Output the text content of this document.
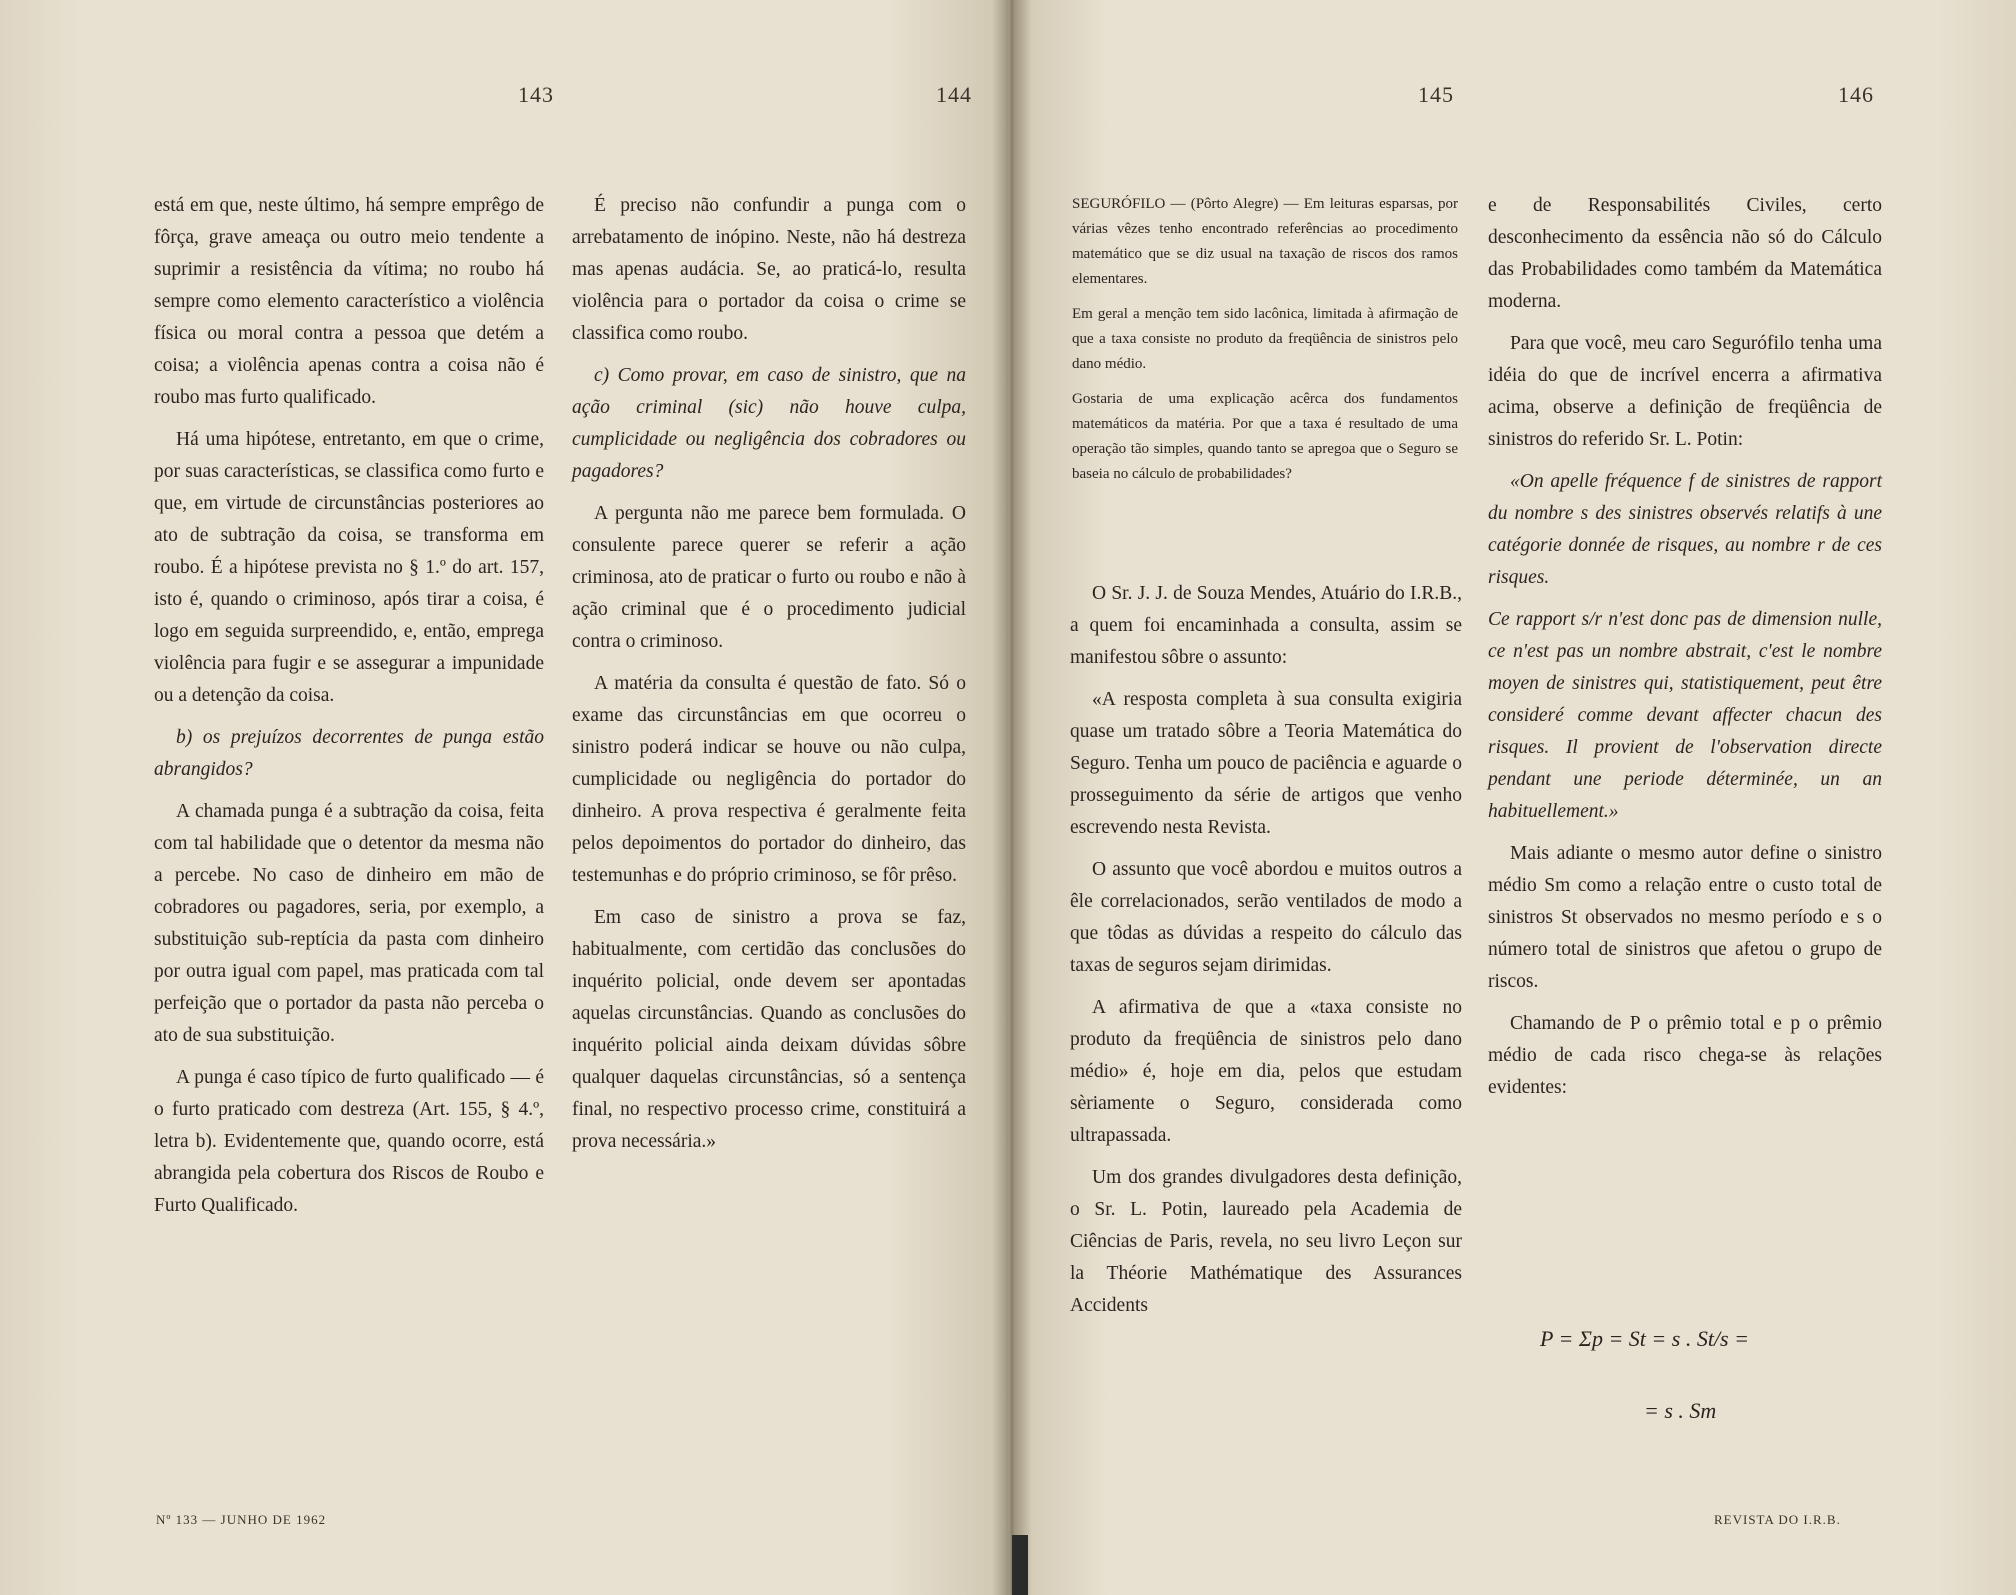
143	144	145	146

está em que, neste último, há sempre emprêgo de fôrça, grave ameaça ou outro meio tendente a suprimir a resistência da vítima; no roubo há sempre como elemento característico a violência física ou moral contra a pessoa que detém a coisa; a violência apenas contra a coisa não é roubo mas furto qualificado.

Há uma hipótese, entretanto, em que o crime, por suas características, se classifica como furto e que, em virtude de circunstâncias posteriores ao ato de subtração da coisa, se transforma em roubo. É a hipótese prevista no § 1.º do art. 157, isto é, quando o criminoso, após tirar a coisa, é logo em seguida surpreendido, e, então, emprega violência para fugir e se assegurar a impunidade ou a detenção da coisa.

b) os prejuízos decorrentes de punga estão abrangidos?

A chamada punga é a subtração da coisa, feita com tal habilidade que o detentor da mesma não a percebe. No caso de dinheiro em mão de cobradores ou pagadores, seria, por exemplo, a substituição sub-reptícia da pasta com dinheiro por outra igual com papel, mas praticada com tal perfeição que o portador da pasta não perceba o ato de sua substituição.

A punga é caso típico de furto qualificado — é o furto praticado com destreza (Art. 155, § 4.º, letra b). Evidentemente que, quando ocorre, está abrangida pela cobertura dos Riscos de Roubo e Furto Qualificado.

É preciso não confundir a punga com o arrebatamento de inópino. Neste, não há destreza mas apenas audácia. Se, ao praticá-lo, resulta violência para o portador da coisa o crime se classifica como roubo.

c) Como provar, em caso de sinistro, que na ação criminal (sic) não houve culpa, cumplicidade ou negligência dos cobradores ou pagadores?

A pergunta não me parece bem formulada. O consulente parece querer se referir a ação criminosa, ato de praticar o furto ou roubo e não à ação criminal que é o procedimento judicial contra o criminoso.

A matéria da consulta é questão de fato. Só o exame das circunstâncias em que ocorreu o sinistro poderá indicar se houve ou não culpa, cumplicidade ou negligência do portador do dinheiro. A prova respectiva é geralmente feita pelos depoimentos do portador do dinheiro, das testemunhas e do próprio criminoso, se fôr prêso.

Em caso de sinistro a prova se faz, habitualmente, com certidão das conclusões do inquérito policial, onde devem ser apontadas aquelas circunstâncias. Quando as conclusões do inquérito policial ainda deixam dúvidas sôbre qualquer daquelas circunstâncias, só a sentença final, no respectivo processo crime, constituirá a prova necessária.»

SEGURÓFILO — (Pôrto Alegre) — Em leituras esparsas, por várias vêzes tenho encontrado referências ao procedimento matemático que se diz usual na taxação de riscos dos ramos elementares.

Em geral a menção tem sido lacônica, limitada à afirmação de que a taxa consiste no produto da freqüência de sinistros pelo dano médio.

Gostaria de uma explicação acêrca dos fundamentos matemáticos da matéria. Por que a taxa é resultado de uma operação tão simples, quando tanto se apregoa que o Seguro se baseia no cálculo de probabilidades?

O Sr. J. J. de Souza Mendes, Atuário do I.R.B., a quem foi encaminhada a consulta, assim se manifestou sôbre o assunto:

«A resposta completa à sua consulta exigiria quase um tratado sôbre a Teoria Matemática do Seguro. Tenha um pouco de paciência e aguarde o prosseguimento da série de artigos que venho escrevendo nesta Revista.

O assunto que você abordou e muitos outros a êle correlacionados, serão ventilados de modo a que tôdas as dúvidas a respeito do cálculo das taxas de seguros sejam dirimidas.

A afirmativa de que a «taxa consiste no produto da freqüência de sinistros pelo dano médio» é, hoje em dia, pelos que estudam sèriamente o Seguro, considerada como ultrapassada.

Um dos grandes divulgadores desta definição, o Sr. L. Potin, laureado pela Academia de Ciências de Paris, revela, no seu livro Leçon sur la Théorie Mathématique des Assurances Accidents

e de Responsabilités Civiles, certo desconhecimento da essência não só do Cálculo das Probabilidades como também da Matemática moderna.

Para que você, meu caro Segurófilo tenha uma idéia do que de incrível encerra a afirmativa acima, observe a definição de freqüência de sinistros do referido Sr. L. Potin:

«On apelle fréquence f de sinistres de rapport du nombre s des sinistres observés relatifs à une catégorie donnée de risques, au nombre r de ces risques.

Ce rapport s/r n'est donc pas de dimension nulle, ce n'est pas un nombre abstrait, c'est le nombre moyen de sinistres qui, statistiquement, peut être consideré comme devant affecter chacun des risques. Il provient de l'observation directe pendant une periode déterminée, un an habituellement.»

Mais adiante o mesmo autor define o sinistro médio Sm como a relação entre o custo total de sinistros St observados no mesmo período e s o número total de sinistros que afetou o grupo de riscos.

Chamando de P o prêmio total e p o prêmio médio de cada risco chega-se às relações evidentes:

P = Σp = St = s . St/s =
= s . Sm
Nº 133 — JUNHO DE 1962	REVISTA DO I.R.B.
